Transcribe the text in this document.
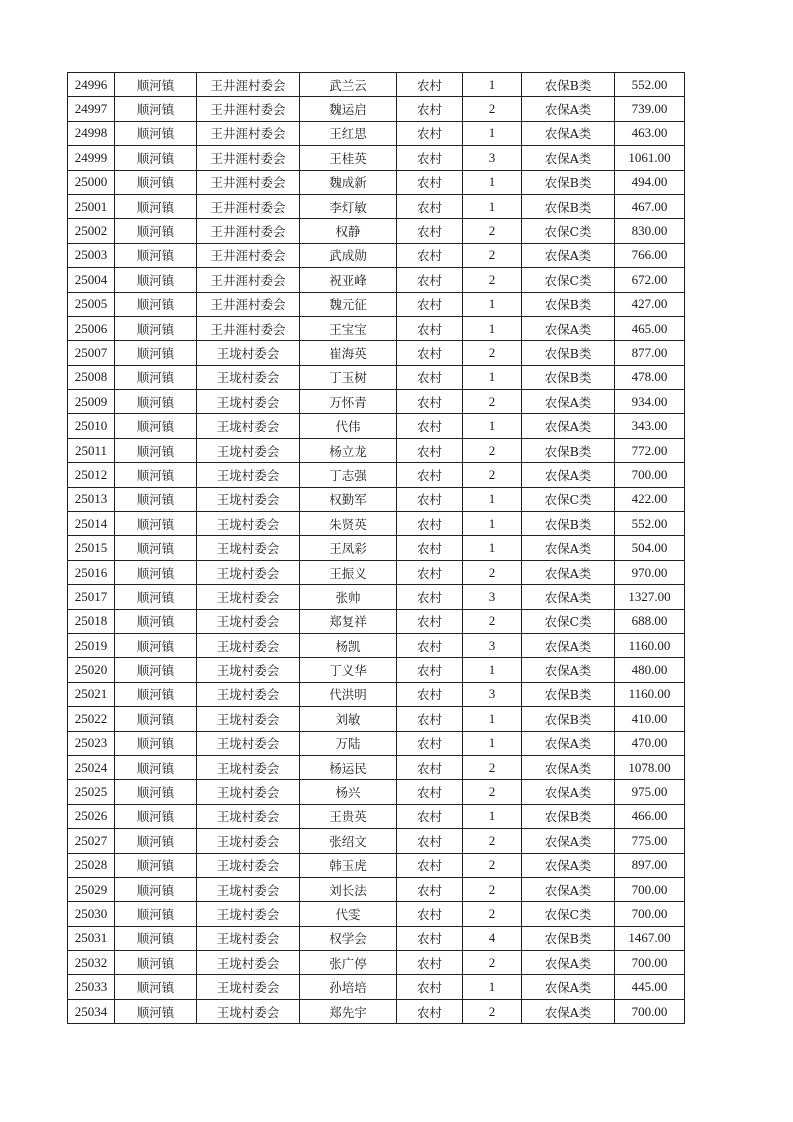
24996	顺河镇	王井涯村委会	武兰云	农村	1	农保B类	552.00
24997	顺河镇	王井涯村委会	魏运启	农村	2	农保A类	739.00
24998	顺河镇	王井涯村委会	王红思	农村	1	农保A类	463.00
24999	顺河镇	王井涯村委会	王桂英	农村	3	农保A类	1061.00
25000	顺河镇	王井涯村委会	魏成新	农村	1	农保B类	494.00
25001	顺河镇	王井涯村委会	李灯敏	农村	1	农保B类	467.00
25002	顺河镇	王井涯村委会	权静	农村	2	农保C类	830.00
25003	顺河镇	王井涯村委会	武成勋	农村	2	农保A类	766.00
25004	顺河镇	王井涯村委会	祝亚峰	农村	2	农保C类	672.00
25005	顺河镇	王井涯村委会	魏元征	农村	1	农保B类	427.00
25006	顺河镇	王井涯村委会	王宝宝	农村	1	农保A类	465.00
25007	顺河镇	王垅村委会	崔海英	农村	2	农保B类	877.00
25008	顺河镇	王垅村委会	丁玉树	农村	1	农保B类	478.00
25009	顺河镇	王垅村委会	万怀青	农村	2	农保A类	934.00
25010	顺河镇	王垅村委会	代伟	农村	1	农保A类	343.00
25011	顺河镇	王垅村委会	杨立龙	农村	2	农保B类	772.00
25012	顺河镇	王垅村委会	丁志强	农村	2	农保A类	700.00
25013	顺河镇	王垅村委会	权勤军	农村	1	农保C类	422.00
25014	顺河镇	王垅村委会	朱贤英	农村	1	农保B类	552.00
25015	顺河镇	王垅村委会	王凤彩	农村	1	农保A类	504.00
25016	顺河镇	王垅村委会	王振义	农村	2	农保A类	970.00
25017	顺河镇	王垅村委会	张帅	农村	3	农保A类	1327.00
25018	顺河镇	王垅村委会	郑复祥	农村	2	农保C类	688.00
25019	顺河镇	王垅村委会	杨凯	农村	3	农保A类	1160.00
25020	顺河镇	王垅村委会	丁义华	农村	1	农保A类	480.00
25021	顺河镇	王垅村委会	代洪明	农村	3	农保B类	1160.00
25022	顺河镇	王垅村委会	刘敏	农村	1	农保B类	410.00
25023	顺河镇	王垅村委会	万陆	农村	1	农保A类	470.00
25024	顺河镇	王垅村委会	杨运民	农村	2	农保A类	1078.00
25025	顺河镇	王垅村委会	杨兴	农村	2	农保A类	975.00
25026	顺河镇	王垅村委会	王贵英	农村	1	农保B类	466.00
25027	顺河镇	王垅村委会	张绍文	农村	2	农保A类	775.00
25028	顺河镇	王垅村委会	韩玉虎	农村	2	农保A类	897.00
25029	顺河镇	王垅村委会	刘长法	农村	2	农保A类	700.00
25030	顺河镇	王垅村委会	代雯	农村	2	农保C类	700.00
25031	顺河镇	王垅村委会	权学会	农村	4	农保B类	1467.00
25032	顺河镇	王垅村委会	张广停	农村	2	农保A类	700.00
25033	顺河镇	王垅村委会	孙培培	农村	1	农保A类	445.00
25034	顺河镇	王垅村委会	郑先宇	农村	2	农保A类	700.00
